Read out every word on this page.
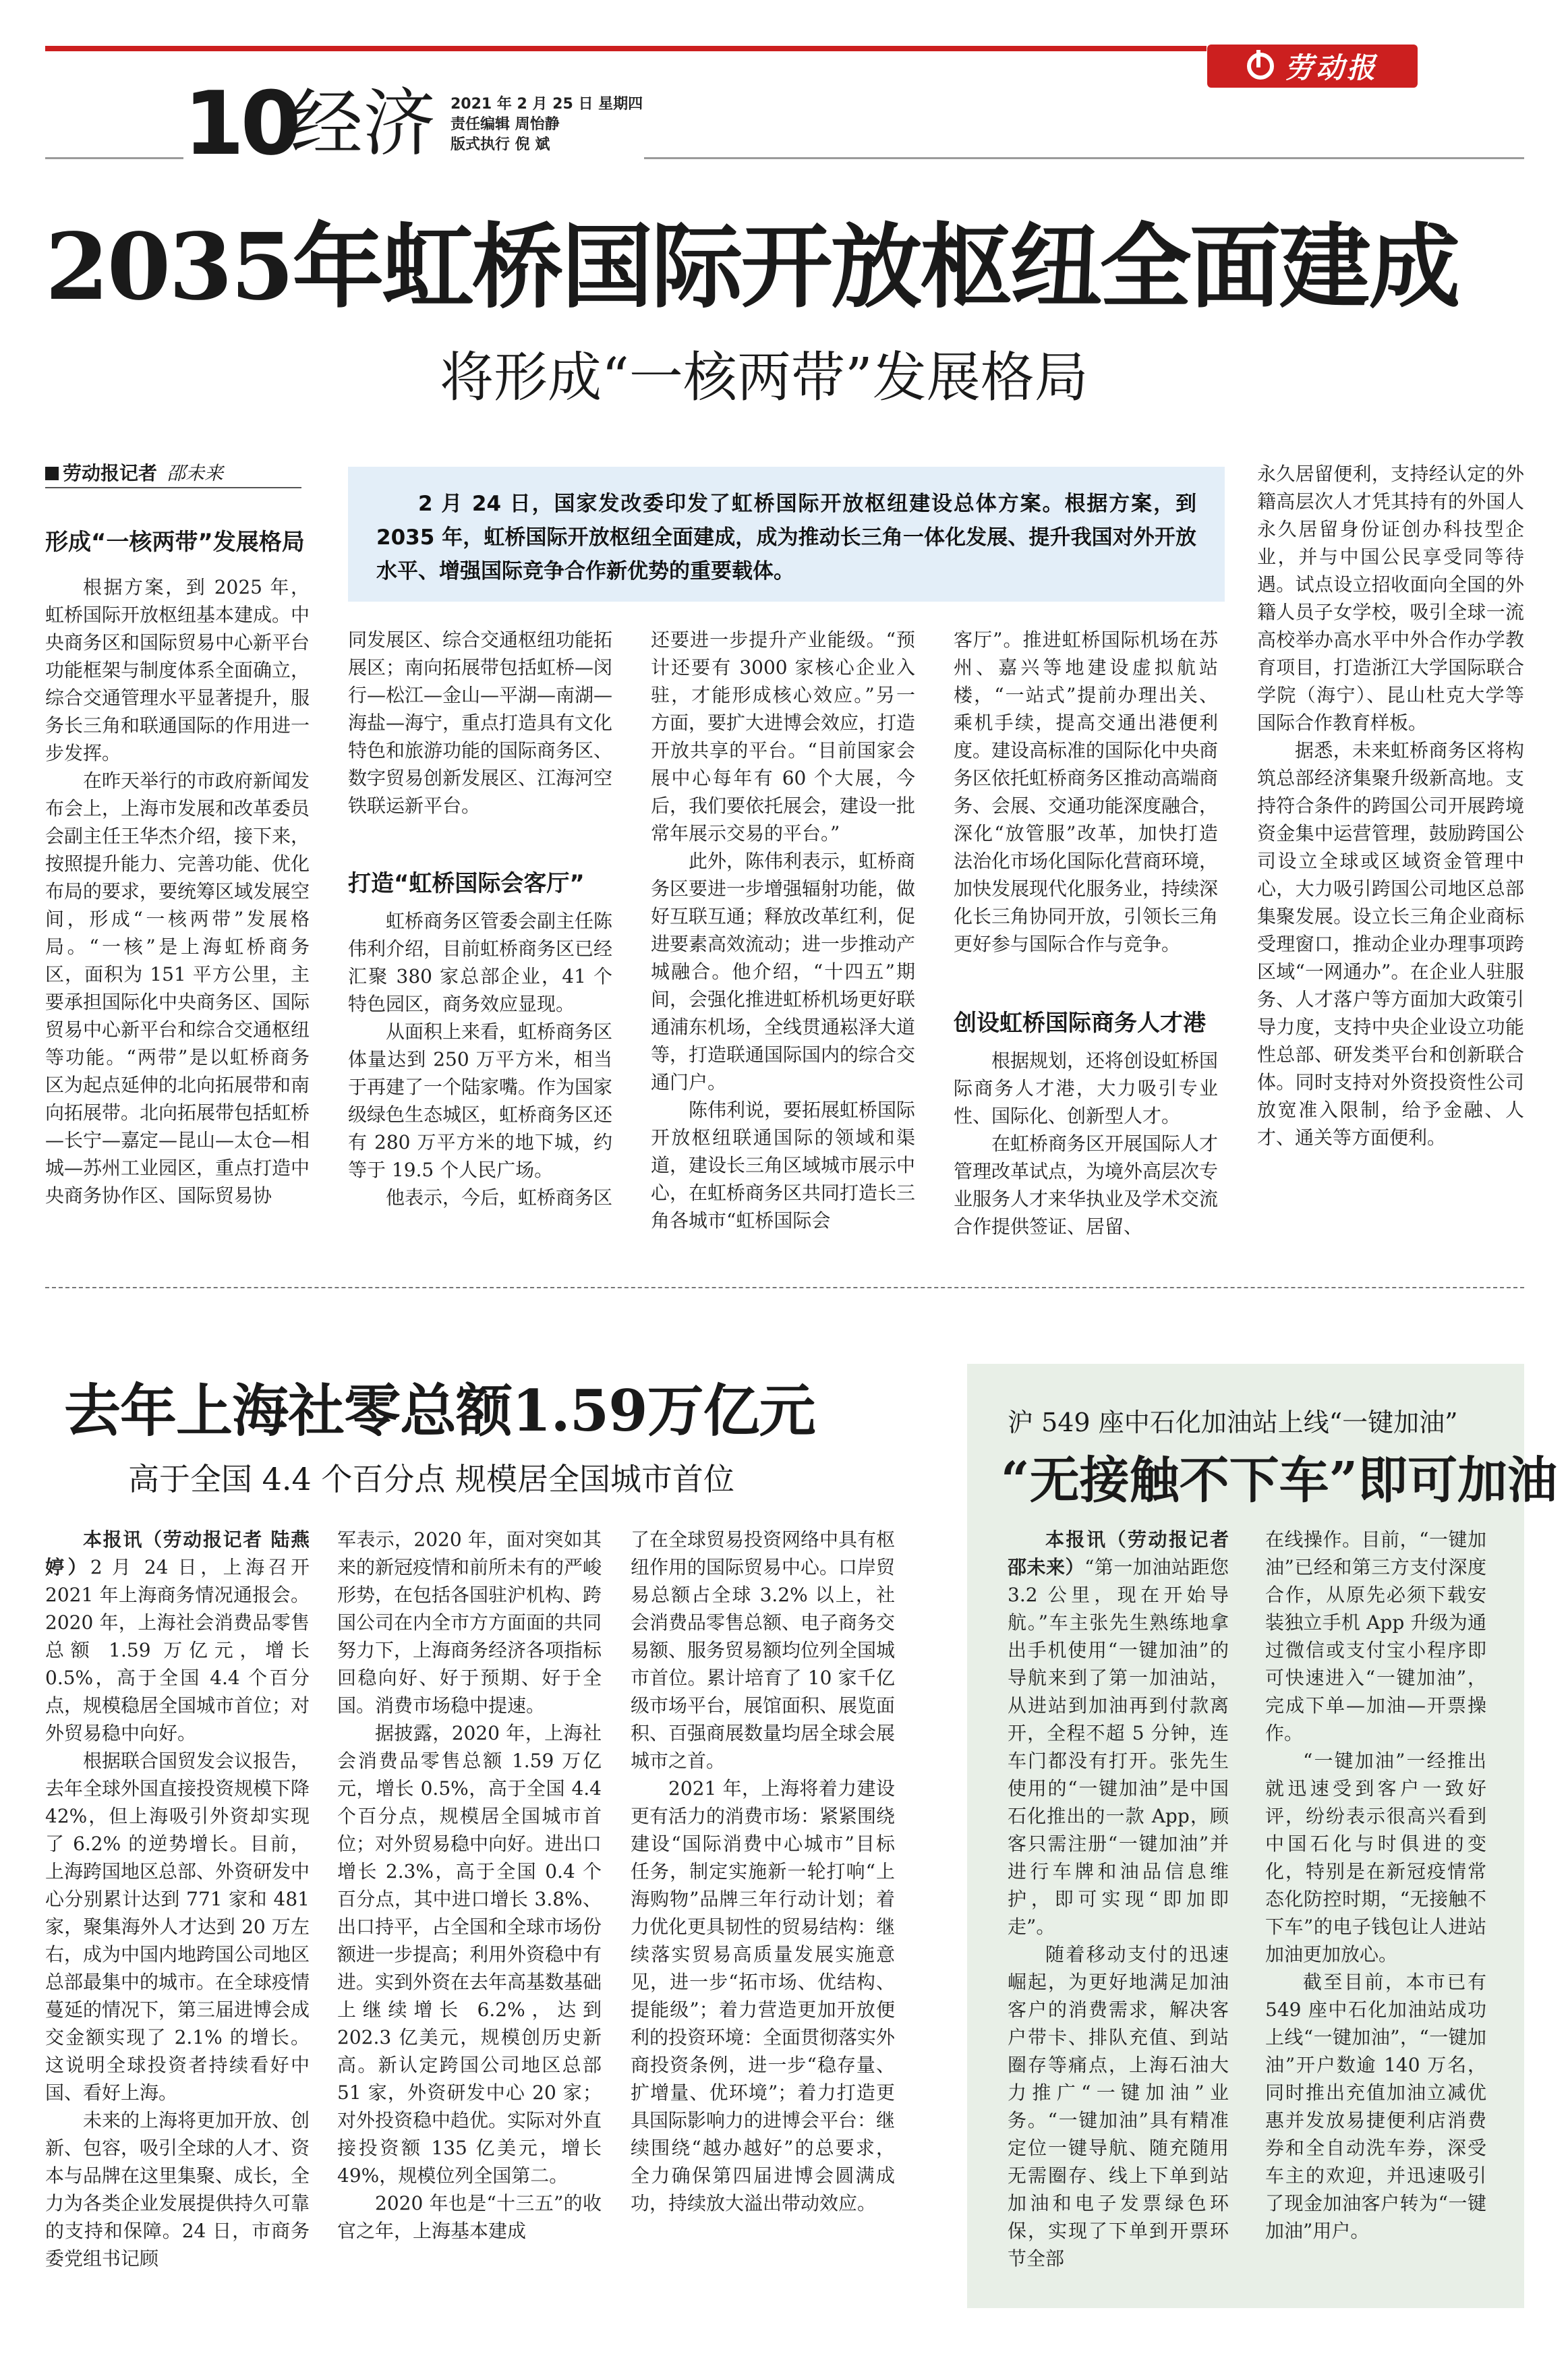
劳动报
10
经济 2021 年 2 月 25 日 星期四
责任编辑 周怡静
版式执行 倪 斌
2035年虹桥国际开放枢纽全面建成
将形成“一核两带”发展格局
劳动报记者 邵未来
2 月 24 日，国家发改委印发了虹桥国际开放枢纽建设总体方案。根据方案，到 2035 年，虹桥国际开放枢纽全面建成，成为推动长三角一体化发展、提升我国对外开放水平、增强国际竞争合作新优势的重要载体。
形成“一核两带”发展格局

根据方案，到 2025 年，虹桥国际开放枢纽基本建成。中央商务区和国际贸易中心新平台功能框架与制度体系全面确立，综合交通管理水平显著提升，服务长三角和联通国际的作用进一步发挥。

在昨天举行的市政府新闻发布会上，上海市发展和改革委员会副主任王华杰介绍，接下来，按照提升能力、完善功能、优化布局的要求，要统筹区域发展空间，形成“一核两带”发展格局。“一核”是上海虹桥商务区，面积为 151 平方公里，主要承担国际化中央商务区、国际贸易中心新平台和综合交通枢纽等功能。“两带”是以虹桥商务区为起点延伸的北向拓展带和南向拓展带。北向拓展带包括虹桥—长宁—嘉定—昆山—太仓—相城—苏州工业园区，重点打造中央商务协作区、国际贸易协

同发展区、综合交通枢纽功能拓展区；南向拓展带包括虹桥—闵行—松江—金山—平湖—南湖—海盐—海宁，重点打造具有文化特色和旅游功能的国际商务区、数字贸易创新发展区、江海河空铁联运新平台。

打造“虹桥国际会客厅”

虹桥商务区管委会副主任陈伟利介绍，目前虹桥商务区已经汇聚 380 家总部企业，41 个特色园区，商务效应显现。

从面积上来看，虹桥商务区体量达到 250 万平方米，相当于再建了一个陆家嘴。作为国家级绿色生态城区，虹桥商务区还有 280 万平方米的地下城，约等于 19.5 个人民广场。

他表示，今后，虹桥商务区

还要进一步提升产业能级。“预计还要有 3000 家核心企业入驻，才能形成核心效应。”另一方面，要扩大进博会效应，打造开放共享的平台。“目前国家会展中心每年有 60 个大展，今后，我们要依托展会，建设一批常年展示交易的平台。”

此外，陈伟利表示，虹桥商务区要进一步增强辐射功能，做好互联互通；释放改革红利，促进要素高效流动；进一步推动产城融合。他介绍，“十四五”期间，会强化推进虹桥机场更好联通浦东机场，全线贯通崧泽大道等，打造联通国际国内的综合交通门户。

陈伟利说，要拓展虹桥国际开放枢纽联通国际的领域和渠道，建设长三角区域城市展示中心，在虹桥商务区共同打造长三角各城市“虹桥国际会

客厅”。推进虹桥国际机场在苏州、嘉兴等地建设虚拟航站楼，“一站式”提前办理出关、乘机手续，提高交通出港便利度。建设高标准的国际化中央商务区依托虹桥商务区推动高端商务、会展、交通功能深度融合，深化“放管服”改革，加快打造法治化市场化国际化营商环境，加快发展现代化服务业，持续深化长三角协同开放，引领长三角更好参与国际合作与竞争。

创设虹桥国际商务人才港

根据规划，还将创设虹桥国际商务人才港，大力吸引专业性、国际化、创新型人才。

在虹桥商务区开展国际人才管理改革试点，为境外高层次专业服务人才来华执业及学术交流合作提供签证、居留、

永久居留便利，支持经认定的外籍高层次人才凭其持有的外国人永久居留身份证创办科技型企业，并与中国公民享受同等待遇。试点设立招收面向全国的外籍人员子女学校，吸引全球一流高校举办高水平中外合作办学教育项目，打造浙江大学国际联合学院（海宁）、昆山杜克大学等国际合作教育样板。

据悉，未来虹桥商务区将构筑总部经济集聚升级新高地。支持符合条件的跨国公司开展跨境资金集中运营管理，鼓励跨国公司设立全球或区域资金管理中心，大力吸引跨国公司地区总部集聚发展。设立长三角企业商标受理窗口，推动企业办理事项跨区域“一网通办”。在企业人驻服务、人才落户等方面加大政策引导力度，支持中央企业设立功能性总部、研发类平台和创新联合体。同时支持对外资投资性公司放宽准入限制，给予金融、人才、通关等方面便利。

去年上海社零总额1.59万亿元
高于全国 4.4 个百分点 规模居全国城市首位

本报讯（劳动报记者 陆燕婷）2 月 24 日，上海召开 2021 年上海商务情况通报会。2020 年，上海社会消费品零售总额 1.59 万亿元，增长 0.5%，高于全国 4.4 个百分点，规模稳居全国城市首位；对外贸易稳中向好。

根据联合国贸发会议报告，去年全球外国直接投资规模下降 42%，但上海吸引外资却实现了 6.2% 的逆势增长。目前，上海跨国地区总部、外资研发中心分别累计达到 771 家和 481 家，聚集海外人才达到 20 万左右，成为中国内地跨国公司地区总部最集中的城市。在全球疫情蔓延的情况下，第三届进博会成交金额实现了 2.1% 的增长。这说明全球投资者持续看好中国、看好上海。

未来的上海将更加开放、创新、包容，吸引全球的人才、资本与品牌在这里集聚、成长，全力为各类企业发展提供持久可靠的支持和保障。24 日，市商务委党组书记顾

军表示，2020 年，面对突如其来的新冠疫情和前所未有的严峻形势，在包括各国驻沪机构、跨国公司在内全市方方面面的共同努力下，上海商务经济各项指标回稳向好、好于预期、好于全国。消费市场稳中提速。

据披露，2020 年，上海社会消费品零售总额 1.59 万亿元，增长 0.5%，高于全国 4.4 个百分点，规模居全国城市首位；对外贸易稳中向好。进出口增长 2.3%，高于全国 0.4 个百分点，其中进口增长 3.8%、出口持平，占全国和全球市场份额进一步提高；利用外资稳中有进。实到外资在去年高基数基础上继续增长 6.2%，达到 202.3 亿美元，规模创历史新高。新认定跨国公司地区总部 51 家，外资研发中心 20 家；对外投资稳中趋优。实际对外直接投资额 135 亿美元，增长 49%，规模位列全国第二。

2020 年也是“十三五”的收官之年，上海基本建成

了在全球贸易投资网络中具有枢纽作用的国际贸易中心。口岸贸易总额占全球 3.2% 以上，社会消费品零售总额、电子商务交易额、服务贸易额均位列全国城市首位。累计培育了 10 家千亿级市场平台，展馆面积、展览面积、百强商展数量均居全球会展城市之首。

2021 年，上海将着力建设更有活力的消费市场：紧紧围绕建设“国际消费中心城市”目标任务，制定实施新一轮打响“上海购物”品牌三年行动计划；着力优化更具韧性的贸易结构：继续落实贸易高质量发展实施意见，进一步“拓市场、优结构、提能级”；着力营造更加开放便利的投资环境：全面贯彻落实外商投资条例，进一步“稳存量、扩增量、优环境”；着力打造更具国际影响力的进博会平台：继续围绕“越办越好”的总要求，全力确保第四届进博会圆满成功，持续放大溢出带动效应。

沪 549 座中石化加油站上线“一键加油”
“无接触不下车”即可加油

本报讯（劳动报记者 邵未来）“第一加油站距您 3.2 公里，现在开始导航。”车主张先生熟练地拿出手机使用“一键加油”的导航来到了第一加油站，从进站到加油再到付款离开，全程不超 5 分钟，连车门都没有打开。张先生使用的“一键加油”是中国石化推出的一款 App，顾客只需注册“一键加油”并进行车牌和油品信息维护，即可实现“即加即走”。

随着移动支付的迅速崛起，为更好地满足加油客户的消费需求，解决客户带卡、排队充值、到站圈存等痛点，上海石油大力推广“一键加油”业务。“一键加油”具有精准定位一键导航、随充随用无需圈存、线上下单到站加油和电子发票绿色环保，实现了下单到开票环节全部

在线操作。目前，“一键加油”已经和第三方支付深度合作，从原先必须下载安装独立手机 App 升级为通过微信或支付宝小程序即可快速进入“一键加油”，完成下单—加油—开票操作。

“一键加油”一经推出就迅速受到客户一致好评，纷纷表示很高兴看到中国石化与时俱进的变化，特别是在新冠疫情常态化防控时期，“无接触不下车”的电子钱包让人进站加油更加放心。

截至目前，本市已有 549 座中石化加油站成功上线“一键加油”，“一键加油”开户数逾 140 万名，同时推出充值加油立减优惠并发放易捷便利店消费券和全自动洗车券，深受车主的欢迎，并迅速吸引了现金加油客户转为“一键加油”用户。
